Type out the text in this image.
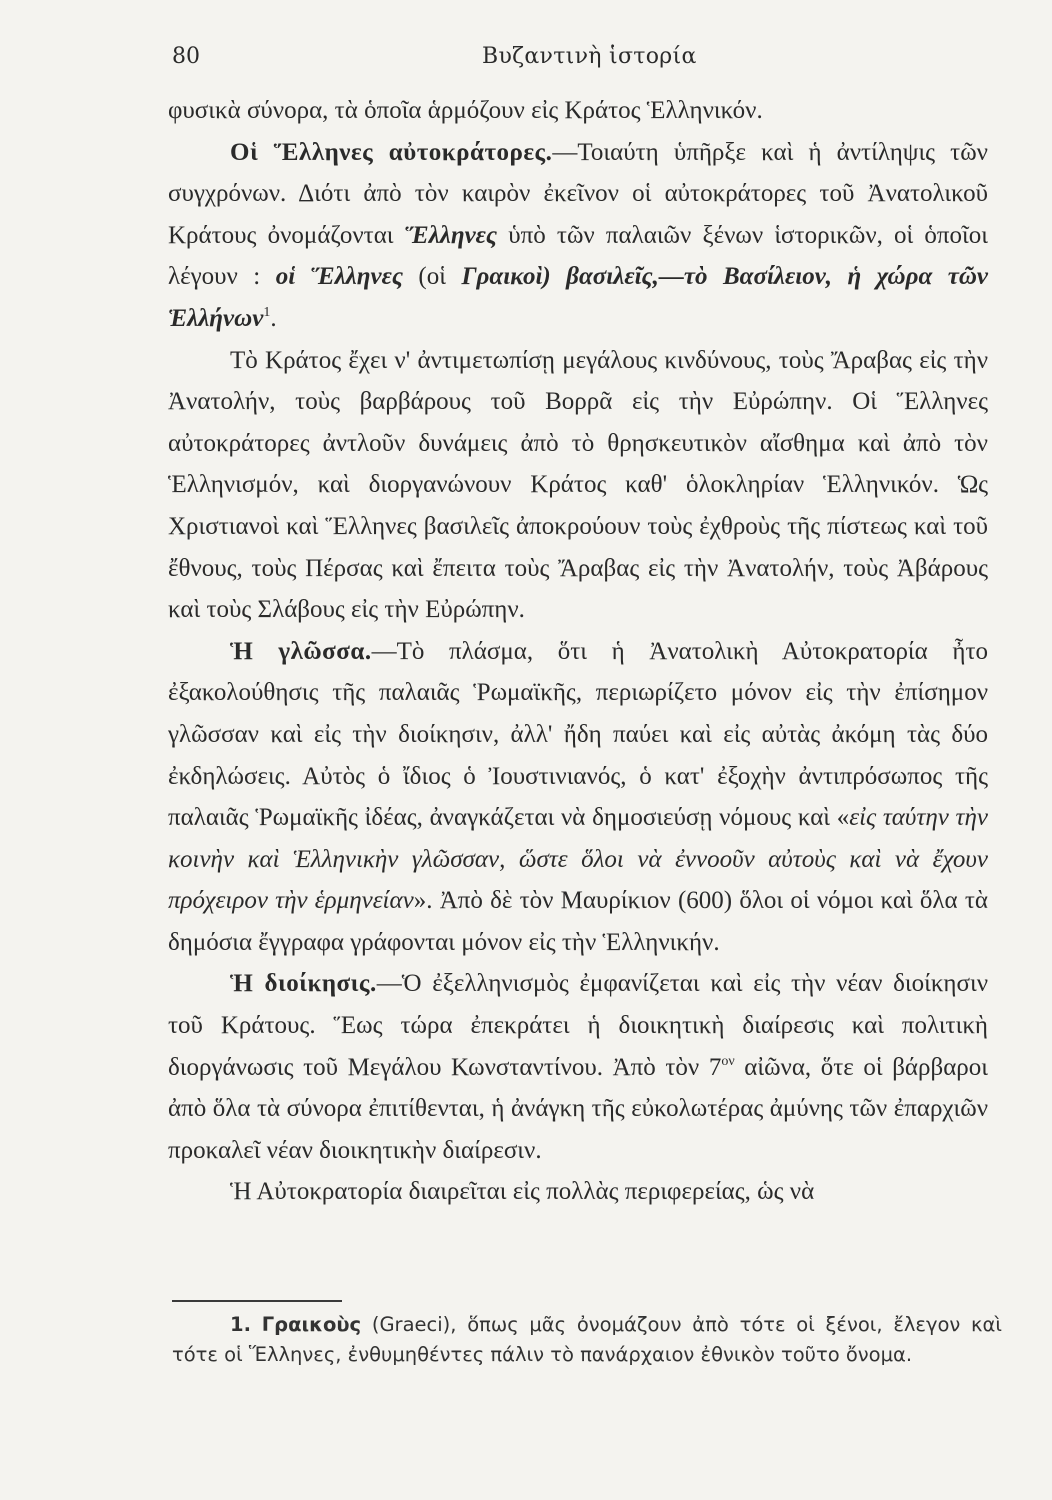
80	Βυζαντινὴ ἱστορία

φυσικὰ σύνορα, τὰ ὁποῖα ἁρμόζουν εἰς Κράτος Ἑλληνικόν.

Οἱ Ἕλληνες αὐτοκράτορες.—Τοιαύτη ὑπῆρξε καὶ ἡ ἀντίληψις τῶν συγχρόνων. Διότι ἀπὸ τὸν καιρὸν ἐκεῖνον οἱ αὐτοκράτορες τοῦ Ἀνατολικοῦ Κράτους ὀνομάζονται Ἕλληνες ὑπὸ τῶν παλαιῶν ξένων ἱστορικῶν, οἱ ὁποῖοι λέγουν : οἱ Ἕλληνες (οἱ Γραικοὶ) βασιλεῖς,—τὸ Βασίλειον, ἡ χώρα τῶν Ἑλλήνων$^1$.

Τὸ Κράτος ἔχει ν' ἀντιμετωπίσῃ μεγάλους κινδύνους, τοὺς Ἄραβας εἰς τὴν Ἀνατολήν, τοὺς βαρβάρους τοῦ Βορρᾶ εἰς τὴν Εὐρώπην. Οἱ Ἕλληνες αὐτοκράτορες ἀντλοῦν δυνάμεις ἀπὸ τὸ θρησκευτικὸν αἴσθημα καὶ ἀπὸ τὸν Ἑλληνισμόν, καὶ διοργανώνουν Κράτος καθ' ὁλοκληρίαν Ἑλληνικόν. Ὡς Χριστιανοὶ καὶ Ἕλληνες βασιλεῖς ἀποκρούουν τοὺς ἐχθροὺς τῆς πίστεως καὶ τοῦ ἔθνους, τοὺς Πέρσας καὶ ἔπειτα τοὺς Ἄραβας εἰς τὴν Ἀνατολήν, τοὺς Ἀβάρους καὶ τοὺς Σλάβους εἰς τὴν Εὐρώπην.

Ἡ γλῶσσα.—Τὸ πλάσμα, ὅτι ἡ Ἀνατολικὴ Αὐτοκρατορία ἦτο ἐξακολούθησις τῆς παλαιᾶς Ῥωμαϊκῆς, περιωρίζετο μόνον εἰς τὴν ἐπίσημον γλῶσσαν καὶ εἰς τὴν διοίκησιν, ἀλλ' ἤδη παύει καὶ εἰς αὐτὰς ἀκόμη τὰς δύο ἐκδηλώσεις. Αὐτὸς ὁ ἴδιος ὁ Ἰουστινιανός, ὁ κατ' ἐξοχὴν ἀντιπρόσωπος τῆς παλαιᾶς Ῥωμαϊκῆς ἰδέας, ἀναγκάζεται νὰ δημοσιεύσῃ νόμους καὶ «εἰς ταύτην τὴν κοινὴν καὶ Ἑλληνικὴν γλῶσσαν, ὥστε ὅλοι νὰ ἐννοοῦν αὐτοὺς καὶ νὰ ἔχουν πρόχειρον τὴν ἑρμηνείαν». Ἀπὸ δὲ τὸν Μαυρίκιον (600) ὅλοι οἱ νόμοι καὶ ὅλα τὰ δημόσια ἔγγραφα γράφονται μόνον εἰς τὴν Ἑλληνικήν.

Ἡ διοίκησις.—Ὁ ἐξελληνισμὸς ἐμφανίζεται καὶ εἰς τὴν νέαν διοίκησιν τοῦ Κράτους. Ἕως τώρα ἐπεκράτει ἡ διοικητικὴ διαίρεσις καὶ πολιτικὴ διοργάνωσις τοῦ Μεγάλου Κωνσταντίνου. Ἀπὸ τὸν $7^{o\nu}$ αἰῶνα, ὅτε οἱ βάρβαροι ἀπὸ ὅλα τὰ σύνορα ἐπιτίθενται, ἡ ἀνάγκη τῆς εὐκολωτέρας ἀμύνης τῶν ἐπαρχιῶν προκαλεῖ νέαν διοικητικὴν διαίρεσιν.

Ἡ Αὐτοκρατορία διαιρεῖται εἰς πολλὰς περιφερείας, ὡς νὰ

1. Γραικοὺς (Graeci), ὅπως μᾶς ὀνομάζουν ἀπὸ τότε οἱ ξένοι, ἔλεγον καὶ τότε οἱ Ἕλληνες, ἐνθυμηθέντες πάλιν τὸ πανάρχαιον ἐθνικὸν τοῦτο ὄνομα.
